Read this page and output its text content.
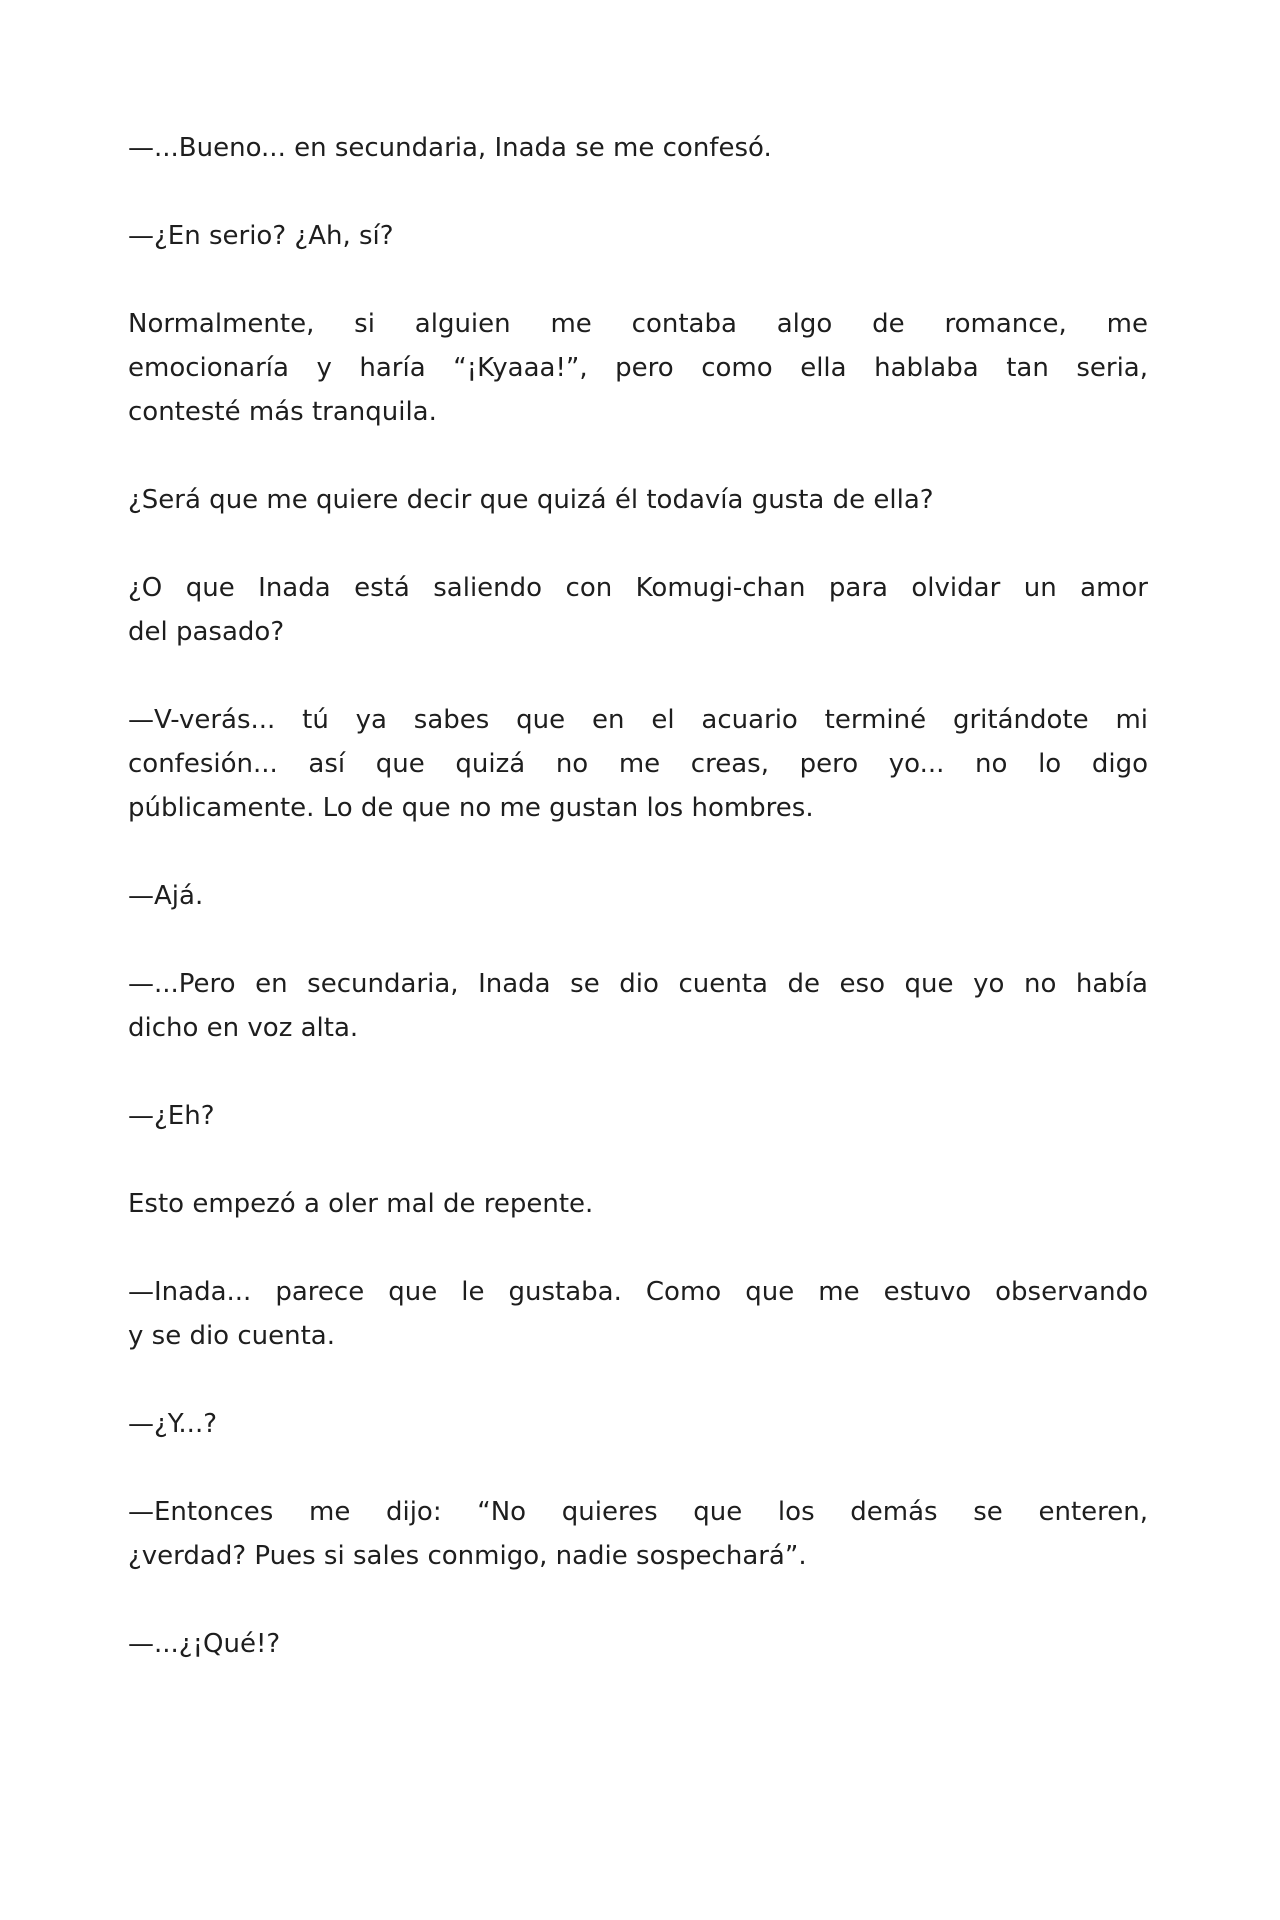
—...Bueno... en secundaria, Inada se me confesó.
—¿En serio? ¿Ah, sí?
Normalmente, si alguien me contaba algo de romance, me
emocionaría y haría “¡Kyaaa!”, pero como ella hablaba tan seria,
contesté más tranquila.
¿Será que me quiere decir que quizá él todavía gusta de ella?
¿O que Inada está saliendo con Komugi-chan para olvidar un amor
del pasado?
—V-verás... tú ya sabes que en el acuario terminé gritándote mi
confesión... así que quizá no me creas, pero yo... no lo digo
públicamente. Lo de que no me gustan los hombres.
—Ajá.
—...Pero en secundaria, Inada se dio cuenta de eso que yo no había
dicho en voz alta.
—¿Eh?
Esto empezó a oler mal de repente.
—Inada... parece que le gustaba. Como que me estuvo observando
y se dio cuenta.
—¿Y...?
—Entonces me dijo: “No quieres que los demás se enteren,
¿verdad? Pues si sales conmigo, nadie sospechará”.
—...¿¡Qué!?
